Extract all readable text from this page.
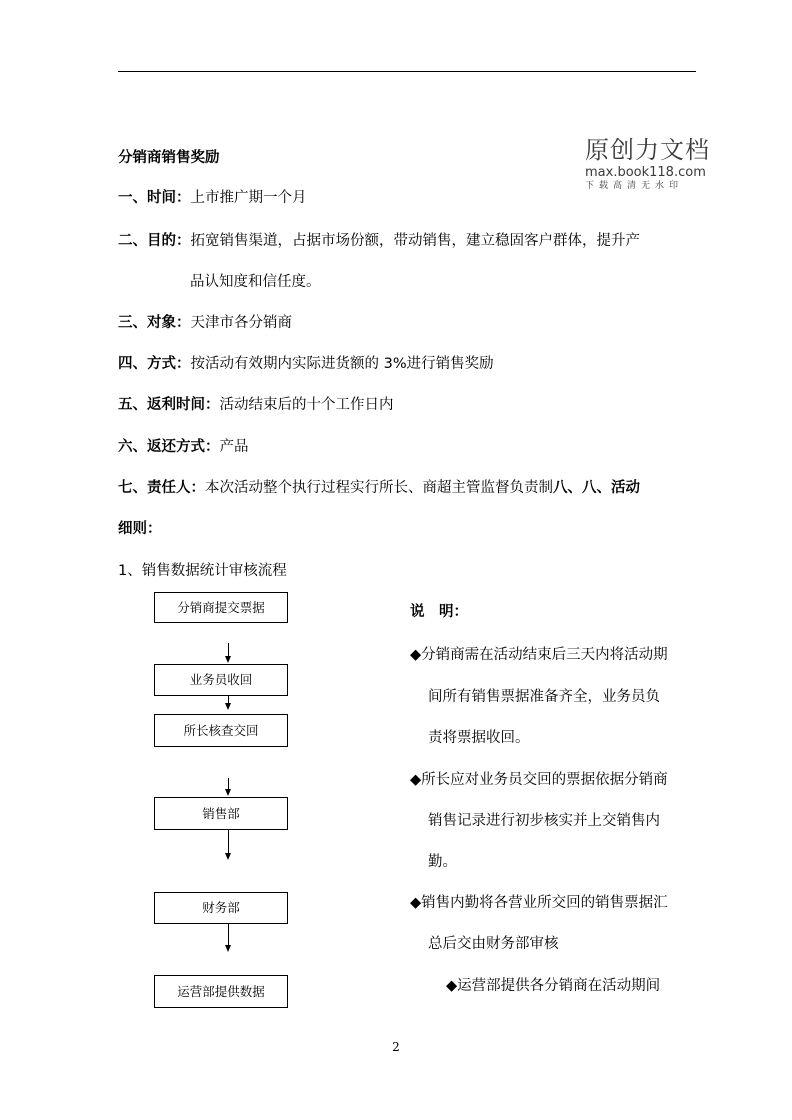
原创力文档
max.book118.com
下载高清无水印
分销商销售奖励
一、时间：上市推广期一个月
二、目的：拓宽销售渠道，占据市场份额，带动销售，建立稳固客户群体，提升产
品认知度和信任度。
三、对象：天津市各分销商
四、方式：按活动有效期内实际进货额的 3%进行销售奖励
五、返利时间：活动结束后的十个工作日内
六、返还方式：产品
七、责任人：本次活动整个执行过程实行所长、商超主管监督负责制八、八、活动
细则：
1、销售数据统计审核流程
分销商提交票据
业务员收回
所长核查交回
销售部
财务部
运营部提供数据
说　明：
◆分销商需在活动结束后三天内将活动期
间所有销售票据准备齐全，业务员负
责将票据收回。
◆所长应对业务员交回的票据依据分销商
销售记录进行初步核实并上交销售内
勤。
◆销售内勤将各营业所交回的销售票据汇
总后交由财务部审核
◆运营部提供各分销商在活动期间
2
